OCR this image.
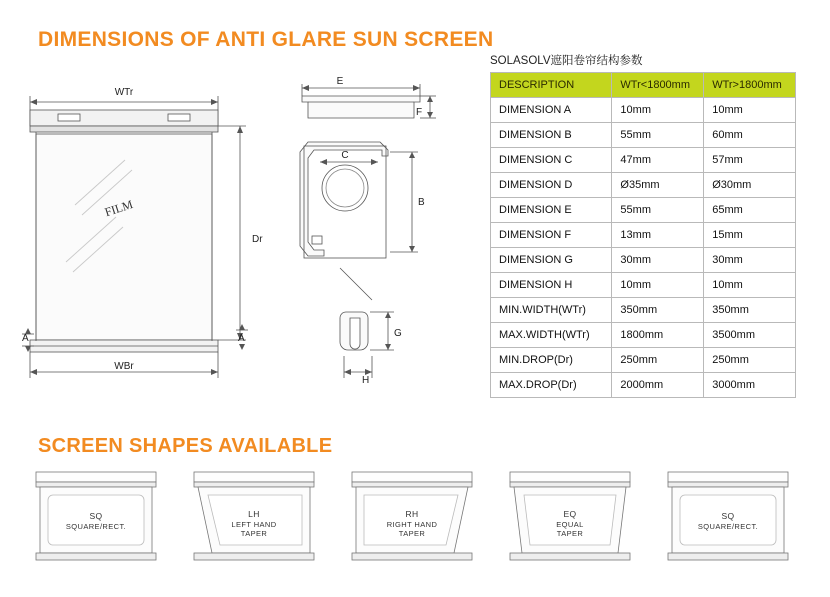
DIMENSIONS OF ANTI GLARE SUN SCREEN
SCREEN SHAPES AVAILABLE
WTr
WBr
Dr
A	A
E
F
C
B
G
H
FILM
SOLASOLV遮阳卷帘结构参数
DESCRIPTION	WTr<1800mm	WTr>1800mm
DIMENSION A	10mm	10mm
DIMENSION B	55mm	60mm
DIMENSION C	47mm	57mm
DIMENSION D	Ø35mm	Ø30mm
DIMENSION E	55mm	65mm
DIMENSION F	13mm	15mm
DIMENSION G	30mm	30mm
DIMENSION H	10mm	10mm
MIN.WIDTH(WTr)	350mm	350mm
MAX.WIDTH(WTr)	1800mm	3500mm
MIN.DROP(Dr)	250mm	250mm
MAX.DROP(Dr)	2000mm	3000mm
SQ
SQUARE/RECT.
LH
LEFT HAND
TAPER
RH
RIGHT HAND
TAPER
EQ
EQUAL
TAPER
SQ
SQUARE/RECT.
